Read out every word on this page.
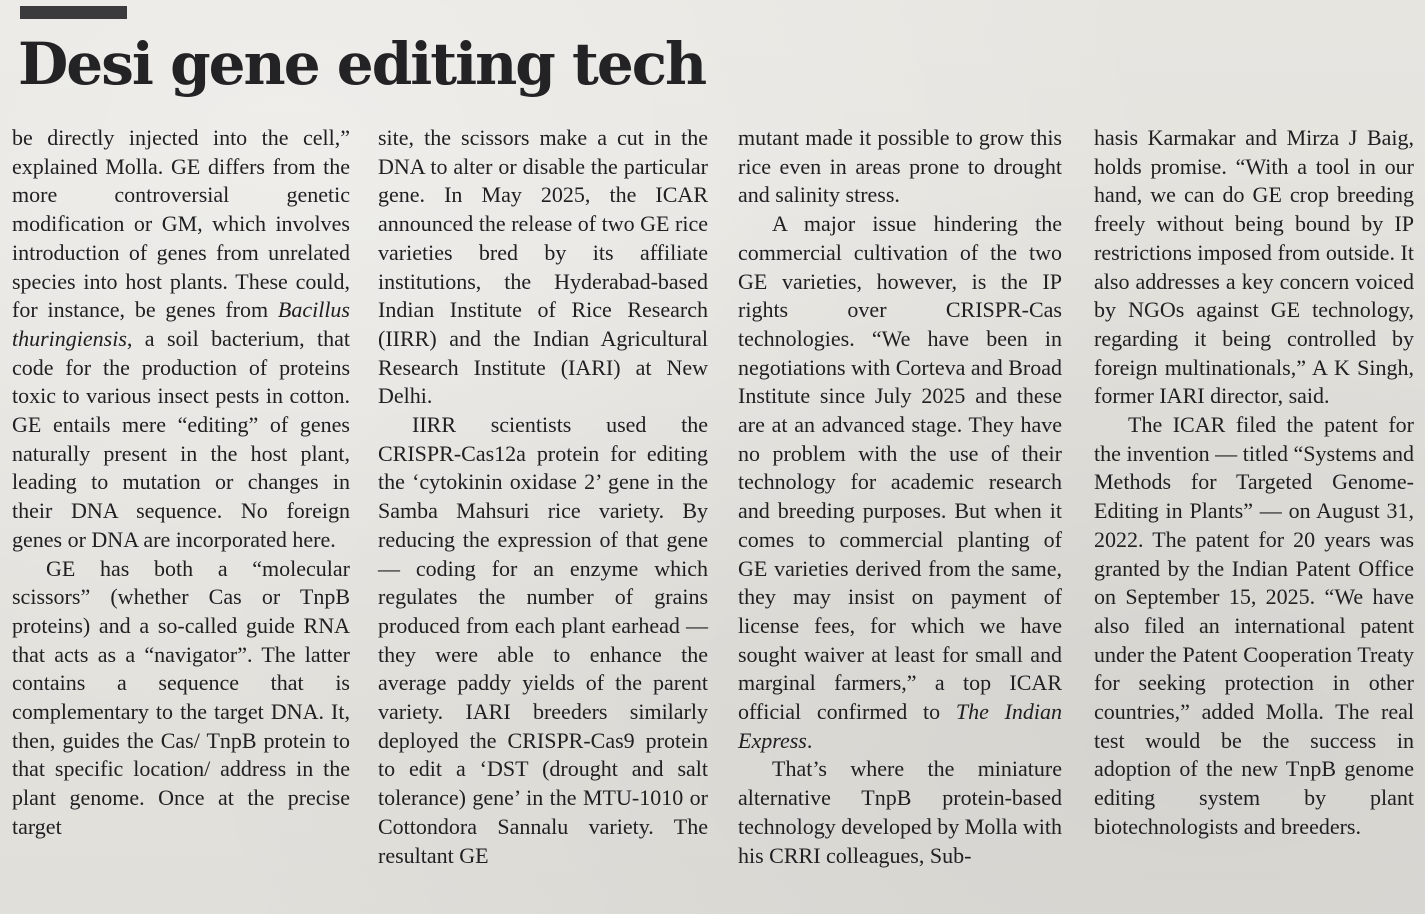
Desi gene editing tech

be directly injected into the cell,” explained Molla. GE differs from the more controversial genetic modification or GM, which involves introduction of genes from unrelated species into host plants. These could, for instance, be genes from Bacillus thuringiensis, a soil bacterium, that code for the production of proteins toxic to various insect pests in cotton. GE entails mere “editing” of genes naturally present in the host plant, leading to mutation or changes in their DNA sequence. No foreign genes or DNA are incorporated here.

GE has both a “molecular scissors” (whether Cas or TnpB proteins) and a so-called guide RNA that acts as a “navigator”. The latter contains a sequence that is complementary to the target DNA. It, then, guides the Cas/ TnpB protein to that specific location/ address in the plant genome. Once at the precise target

site, the scissors make a cut in the DNA to alter or disable the particular gene. In May 2025, the ICAR announced the release of two GE rice varieties bred by its affiliate institutions, the Hyderabad-based Indian Institute of Rice Research (IIRR) and the Indian Agricultural Research Institute (IARI) at New Delhi.

IIRR scientists used the CRISPR-Cas12a protein for editing the ‘cytokinin oxidase 2’ gene in the Samba Mahsuri rice variety. By reducing the expression of that gene — coding for an enzyme which regulates the number of grains produced from each plant earhead — they were able to enhance the average paddy yields of the parent variety. IARI breeders similarly deployed the CRISPR-Cas9 protein to edit a ‘DST (drought and salt tolerance) gene’ in the MTU-1010 or Cottondora Sannalu variety. The resultant GE

mutant made it possible to grow this rice even in areas prone to drought and salinity stress.

A major issue hindering the commercial cultivation of the two GE varieties, however, is the IP rights over CRISPR-Cas technologies. “We have been in negotiations with Corteva and Broad Institute since July 2025 and these are at an advanced stage. They have no problem with the use of their technology for academic research and breeding purposes. But when it comes to commercial planting of GE varieties derived from the same, they may insist on payment of license fees, for which we have sought waiver at least for small and marginal farmers,” a top ICAR official confirmed to The Indian Express.

That’s where the miniature alternative TnpB protein-based technology developed by Molla with his CRRI colleagues, Sub-

hasis Karmakar and Mirza J Baig, holds promise. “With a tool in our hand, we can do GE crop breeding freely without being bound by IP restrictions imposed from outside. It also addresses a key concern voiced by NGOs against GE technology, regarding it being controlled by foreign multinationals,” A K Singh, former IARI director, said.

The ICAR filed the patent for the invention — titled “Systems and Methods for Targeted Genome-Editing in Plants” — on August 31, 2022. The patent for 20 years was granted by the Indian Patent Office on September 15, 2025. “We have also filed an international patent under the Patent Cooperation Treaty for seeking protection in other countries,” added Molla. The real test would be the success in adoption of the new TnpB genome editing system by plant biotechnologists and breeders.
